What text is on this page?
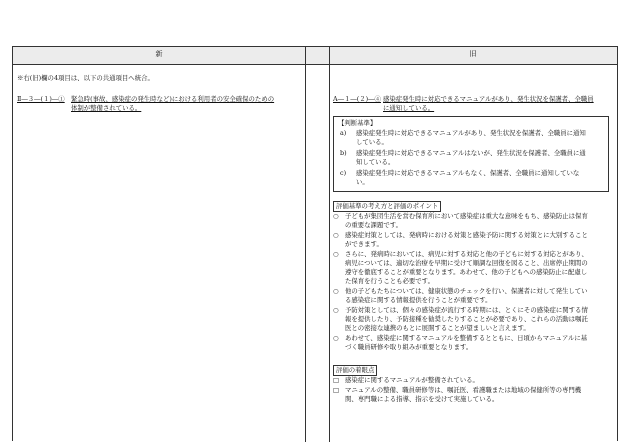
新	旧
※右(旧)欄の4項目は、以下の共通項目へ統合。
Ⅱ―３―(１)―① 緊急時(事故、感染症の発生時など)における利用者の安全確保のための
体制が整備されている。
A―１―(２)―④ 感染症発生時に対応できるマニュアルがあり、発生状況を保護者、全職員
に通知している。
【判断基準】
a) 感染症発生時に対応できるマニュアルがあり、発生状況を保護者、全職員に通知
している。
b) 感染症発生時に対応できるマニュアルはないが、発生状況を保護者、全職員に通
知している。
c) 感染症発生時に対応できるマニュアルもなく、保護者、全職員に通知していな
い。
評価基準の考え方と評価のポイント
○ 子どもが集団生活を営む保育所において感染症は重大な意味をもち、感染防止は保育
の重要な課題です。
○ 感染症対策としては、発病時における対策と感染予防に関する対策とに大別すること
ができます。
○ さらに、発病時においては、病児に対する対応と他の子どもに対する対応とがあり、
病児については、適切な治療を早期に受けて順調な回復を図ること、出席停止期間の
遵守を徹底することが重要となります。あわせて、他の子どもへの感染防止に配慮し
た保育を行うことも必要です。
○ 他の子どもたちについては、健康状態のチェックを行い、保護者に対して発生してい
る感染症に関する情報提供を行うことが重要です。
○ 予防対策としては、個々の感染症が流行する時期には、とくにその感染症に関する情
報を提供したり、予防接種を勧奨したりすることが必要であり、これらの活動は嘱託
医との密接な連携のもとに展開することが望ましいと言えます。
○ あわせて、感染症に関するマニュアルを整備するとともに、日頃からマニュアルに基
づく職員研修や取り組みが重要となります。
評価の着眼点
□ 感染症に関するマニュアルが整備されている。
□ マニュアルの整備、職員研修等は、嘱託医、看護職または地域の保健所等の専門機
関、専門職による指導、指示を受けて実施している。
